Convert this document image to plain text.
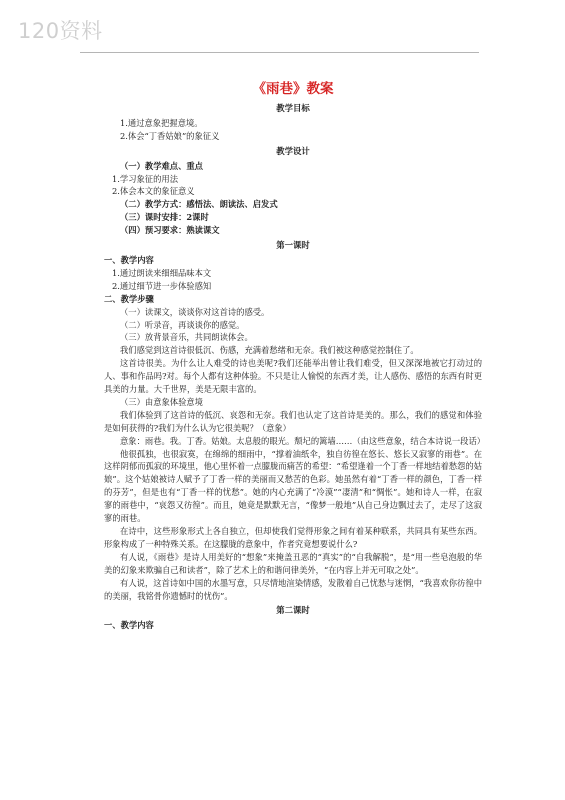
120资料
《雨巷》教案
教学目标
1.通过意象把握意境。
2.体会“丁香姑娘”的象征义
教学设计
（一）教学难点、重点
1.学习象征的用法
2.体会本文的象征意义
（二）教学方式：感悟法、朗读法、启发式
（三）课时安排：2课时
（四）预习要求：熟读课文
第一课时
一、教学内容
1.通过朗读来细细品味本文
2.通过细节进一步体验感知
二、教学步骤
（一）读课文，谈谈你对这首诗的感受。
（二）听录音，再谈谈你的感觉。
（三）放背景音乐，共同朗读体会。

我们感觉到这首诗很低沉、伤感，充满着愁绪和无奈。我们被这种感觉控制住了。

这首诗很美。为什么让人难受的诗也美呢?我们还能举出曾让我们难受，但又深深地被它打动过的人、事和作品吗?对。每个人都有这种体验。不只是让人愉悦的东西才美，让人感伤、感悟的东西有时更具美的力量。大千世界，美是无限丰富的。

（三）由意象体验意境

我们体验到了这首诗的低沉、哀怨和无奈。我们也认定了这首诗是美的。那么，我们的感觉和体验是如何获得的?我们为什么认为它很美呢？（意象）

意象：雨巷。我。丁香。姑娘。太息般的眼光。颓圮的篱墙……（由这些意象，结合本诗说一段话）

他很孤独，也很寂寞，在绵绵的细雨中，“撑着油纸伞，独自彷徨在悠长、悠长又寂寥的雨巷”。在这样阴郁而孤寂的环境里，他心里怀着一点朦胧而痛苦的希望：“希望逢着一个丁香一样地结着愁怨的姑娘”。这个姑娘被诗人赋予了丁香一样的美丽而又愁苦的色彩。她虽然有着“丁香一样的颜色，丁香一样的芬芳”，但是也有“丁香一样的忧愁”。她的内心充满了“冷漠”“凄清”和“惆怅”。她和诗人一样，在寂寥的雨巷中，“哀怨又彷徨”。而且，她竟是默默无言，“像梦一般地”从自己身边飘过去了，走尽了这寂寥的雨巷。

在诗中，这些形象形式上各自独立，但却使我们觉得形象之间有着某种联系，共同具有某些东西。形象构成了一种特殊关系。在这朦胧的意象中，作者究竟想要说什么?

有人说，《雨巷》是诗人用美好的“想象”来掩盖丑恶的“真实”的“自我解脱”，是“用一些皂泡般的华美的幻象来欺骗自己和读者”，除了艺术上的和谐问律美外，“在内容上并无可取之处”。

有人说，这首诗如中国的水墨写意，只尽情地渲染情感，发散着自己忧愁与迷惘，“我喜欢你彷徨中的美丽，我铭骨你遗憾时的忧伤”。

第二课时
一、教学内容
